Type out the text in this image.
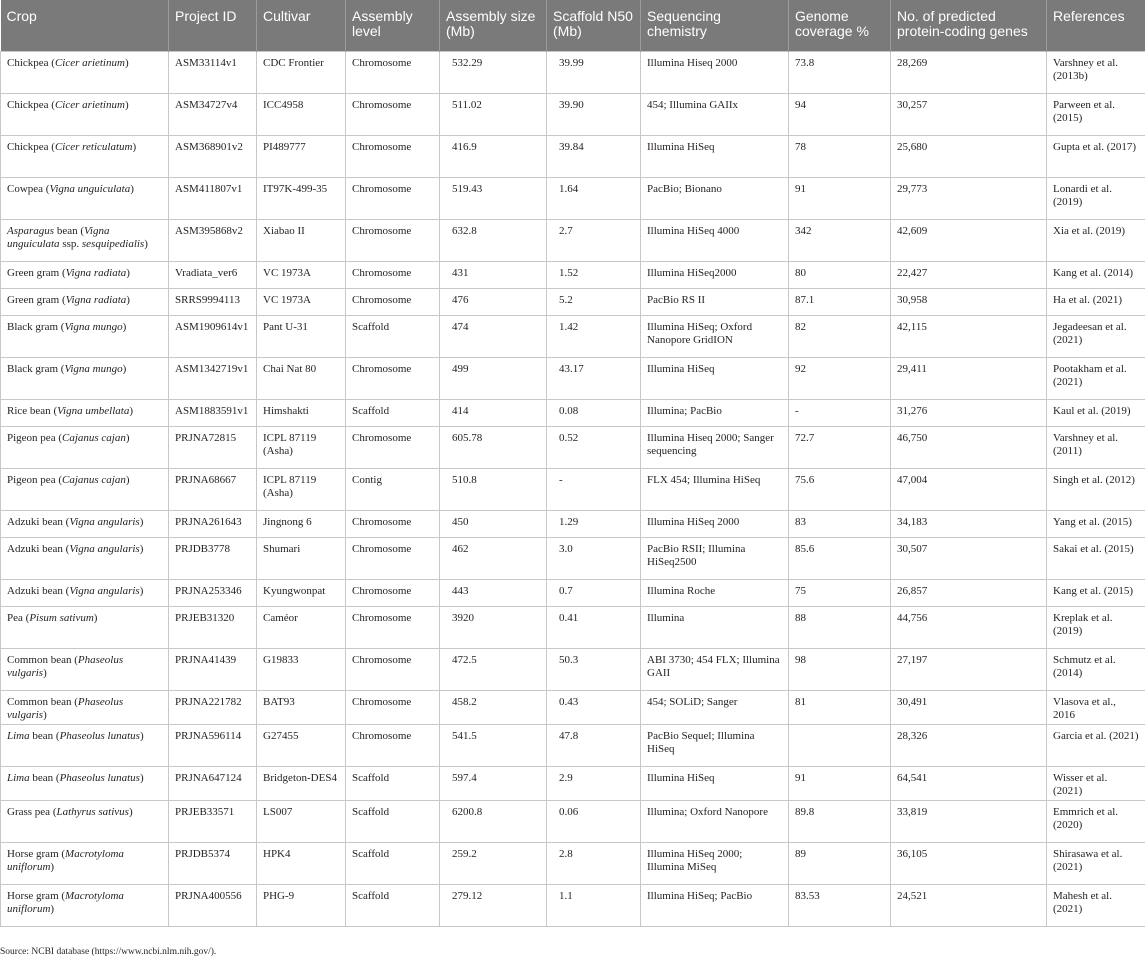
Crop	Project ID	Cultivar	Assembly level	Assembly size (Mb)	Scaffold N50 (Mb)	Sequencing chemistry	Genome coverage %	No. of predicted protein-coding genes	References
Chickpea (Cicer arietinum)	ASM33114v1	CDC Frontier	Chromosome	532.29	39.99	Illumina Hiseq 2000	73.8	28,269	Varshney et al. (2013b)
Chickpea (Cicer arietinum)	ASM34727v4	ICC4958	Chromosome	511.02	39.90	454; Illumina GAIIx	94	30,257	Parween et al. (2015)
Chickpea (Cicer reticulatum)	ASM368901v2	PI489777	Chromosome	416.9	39.84	Illumina HiSeq	78	25,680	Gupta et al. (2017)
Cowpea (Vigna unguiculata)	ASM411807v1	IT97K-499-35	Chromosome	519.43	1.64	PacBio; Bionano	91	29,773	Lonardi et al. (2019)
Asparagus bean (Vigna unguiculata ssp. sesquipedialis)	ASM395868v2	Xiabao II	Chromosome	632.8	2.7	Illumina HiSeq 4000	342	42,609	Xia et al. (2019)
Green gram (Vigna radiata)	Vradiata_ver6	VC 1973A	Chromosome	431	1.52	Illumina HiSeq2000	80	22,427	Kang et al. (2014)
Green gram (Vigna radiata)	SRRS9994113	VC 1973A	Chromosome	476	5.2	PacBio RS II	87.1	30,958	Ha et al. (2021)
Black gram (Vigna mungo)	ASM1909614v1	Pant U-31	Scaffold	474	1.42	Illumina HiSeq; Oxford Nanopore GridION	82	42,115	Jegadeesan et al. (2021)
Black gram (Vigna mungo)	ASM1342719v1	Chai Nat 80	Chromosome	499	43.17	Illumina HiSeq	92	29,411	Pootakham et al. (2021)
Rice bean (Vigna umbellata)	ASM1883591v1	Himshakti	Scaffold	414	0.08	Illumina; PacBio	-	31,276	Kaul et al. (2019)
Pigeon pea (Cajanus cajan)	PRJNA72815	ICPL 87119 (Asha)	Chromosome	605.78	0.52	Illumina Hiseq 2000; Sanger sequencing	72.7	46,750	Varshney et al. (2011)
Pigeon pea (Cajanus cajan)	PRJNA68667	ICPL 87119 (Asha)	Contig	510.8	-	FLX 454; Illumina HiSeq	75.6	47,004	Singh et al. (2012)
Adzuki bean (Vigna angularis)	PRJNA261643	Jingnong 6	Chromosome	450	1.29	Illumina HiSeq 2000	83	34,183	Yang et al. (2015)
Adzuki bean (Vigna angularis)	PRJDB3778	Shumari	Chromosome	462	3.0	PacBio RSII; Illumina HiSeq2500	85.6	30,507	Sakai et al. (2015)
Adzuki bean (Vigna angularis)	PRJNA253346	Kyungwonpat	Chromosome	443	0.7	Illumina Roche	75	26,857	Kang et al. (2015)
Pea (Pisum sativum)	PRJEB31320	Caméor	Chromosome	3920	0.41	Illumina	88	44,756	Kreplak et al. (2019)
Common bean (Phaseolus vulgaris)	PRJNA41439	G19833	Chromosome	472.5	50.3	ABI 3730; 454 FLX; Illumina GAII	98	27,197	Schmutz et al. (2014)
Common bean (Phaseolus vulgaris)	PRJNA221782	BAT93	Chromosome	458.2	0.43	454; SOLiD; Sanger	81	30,491	Vlasova et al., 2016
Lima bean (Phaseolus lunatus)	PRJNA596114	G27455	Chromosome	541.5	47.8	PacBio Sequel; Illumina HiSeq		28,326	Garcia et al. (2021)
Lima bean (Phaseolus lunatus)	PRJNA647124	Bridgeton-DES4	Scaffold	597.4	2.9	Illumina HiSeq	91	64,541	Wisser et al. (2021)
Grass pea (Lathyrus sativus)	PRJEB33571	LS007	Scaffold	6200.8	0.06	Illumina; Oxford Nanopore	89.8	33,819	Emmrich et al. (2020)
Horse gram (Macrotyloma uniflorum)	PRJDB5374	HPK4	Scaffold	259.2	2.8	Illumina HiSeq 2000; Illumina MiSeq	89	36,105	Shirasawa et al. (2021)
Horse gram (Macrotyloma uniflorum)	PRJNA400556	PHG-9	Scaffold	279.12	1.1	Illumina HiSeq; PacBio	83.53	24,521	Mahesh et al. (2021)
Source: NCBI database (https://www.ncbi.nlm.nih.gov/).
